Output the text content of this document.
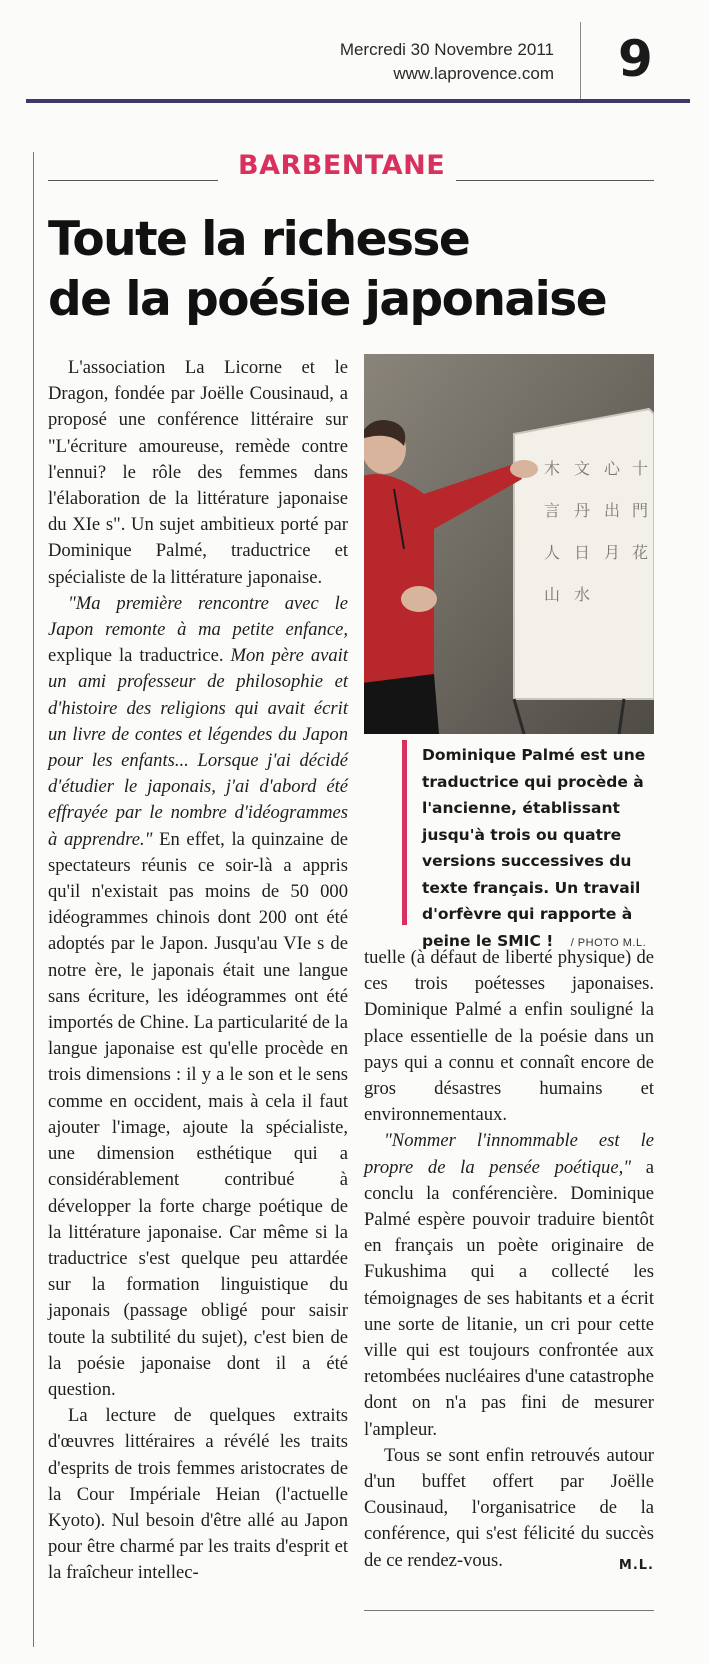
Mercredi 30 Novembre 2011
www.laprovence.com 9
BARBENTANE
Toute la richesse
de la poésie japonaise

L'association La Licorne et le Dragon, fondée par Joëlle Cousinaud, a proposé une conférence littéraire sur "L'écriture amoureuse, remède contre l'ennui? le rôle des femmes dans l'élaboration de la littérature japonaise du XIe s". Un sujet ambitieux porté par Dominique Palmé, traductrice et spécialiste de la littérature japonaise.

"Ma première rencontre avec le Japon remonte à ma petite enfance, explique la traductrice. Mon père avait un ami professeur de philosophie et d'histoire des religions qui avait écrit un livre de contes et légendes du Japon pour les enfants... Lorsque j'ai décidé d'étudier le japonais, j'ai d'abord été effrayée par le nombre d'idéogrammes à apprendre." En effet, la quinzaine de spectateurs réunis ce soir-là a appris qu'il n'existait pas moins de 50 000 idéogrammes chinois dont 200 ont été adoptés par le Japon. Jusqu'au VIe s de notre ère, le japonais était une langue sans écriture, les idéogrammes ont été importés de Chine. La particularité de la langue japonaise est qu'elle procède en trois dimensions : il y a le son et le sens comme en occident, mais à cela il faut ajouter l'image, ajoute la spécialiste, une dimension esthétique qui a considérablement contribué à développer la forte charge poétique de la littérature japonaise. Car même si la traductrice s'est quelque peu attardée sur la formation linguistique du japonais (passage obligé pour saisir toute la subtilité du sujet), c'est bien de la poésie japonaise dont il a été question.

La lecture de quelques extraits d'œuvres littéraires a révélé les traits d'esprits de trois femmes aristocrates de la Cour Impériale Heian (l'actuelle Kyoto). Nul besoin d'être allé au Japon pour être charmé par les traits d'esprit et la fraîcheur intellec-

木 文 心 十
言 丹 出 門
人 日 月 花
山 水
Dominique Palmé est une traductrice qui procède à l'ancienne, établissant jusqu'à trois ou quatre versions successives du texte français. Un travail d'orfèvre qui rapporte à peine le SMIC ! / PHOTO M.L.

tuelle (à défaut de liberté physique) de ces trois poétesses japonaises. Dominique Palmé a enfin souligné la place essentielle de la poésie dans un pays qui a connu et connaît encore de gros désastres humains et environnementaux.

"Nommer l'innommable est le propre de la pensée poétique," a conclu la conférencière. Dominique Palmé espère pouvoir traduire bientôt en français un poète originaire de Fukushima qui a collecté les témoignages de ses habitants et a écrit une sorte de litanie, un cri pour cette ville qui est toujours confrontée aux retombées nucléaires d'une catastrophe dont on n'a pas fini de mesurer l'ampleur.

Tous se sont enfin retrouvés autour d'un buffet offert par Joëlle Cousinaud, l'organisatrice de la conférence, qui s'est félicité du succès de ce rendez-vous.	M.L.
